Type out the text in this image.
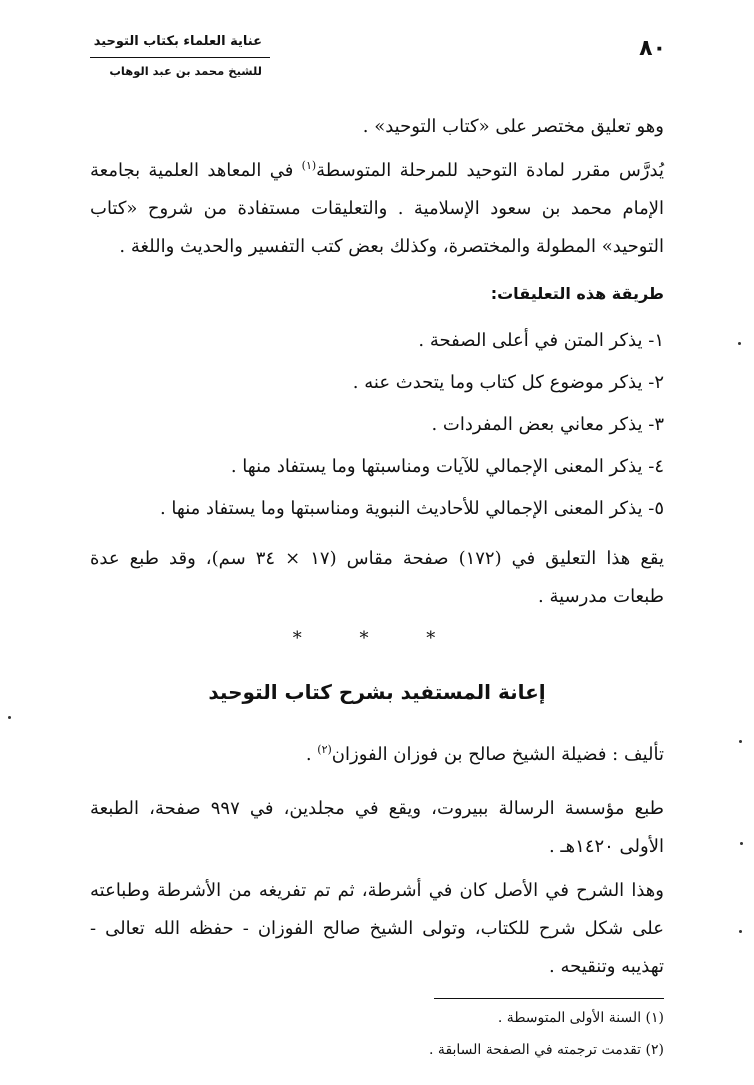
عناية العلماء بكتاب التوحيد
للشيخ محمد بن عبد الوهاب
٨٠

وهو تعليق مختصر على «كتاب التوحيد» .

يُدرَّس مقرر لمادة التوحيد للمرحلة المتوسطة$^{(١)}$ في المعاهد العلمية بجامعة الإمام محمد بن سعود الإسلامية . والتعليقات مستفادة من شروح «كتاب التوحيد» المطولة والمختصرة، وكذلك بعض كتب التفسير والحديث واللغة .

طريقة هذه التعليقات:

١- يذكر المتن في أعلى الصفحة .

٢- يذكر موضوع كل كتاب وما يتحدث عنه .

٣- يذكر معاني بعض المفردات .

٤- يذكر المعنى الإجمالي للآيات ومناسبتها وما يستفاد منها .

٥- يذكر المعنى الإجمالي للأحاديث النبوية ومناسبتها وما يستفاد منها .

يقع هذا التعليق في (١٧٢) صفحة مقاس (١٧ × ٣٤ سم)، وقد طبع عدة طبعات مدرسية .

* * *
إعانة المستفيد بشرح كتاب التوحيد

تأليف : فضيلة الشيخ صالح بن فوزان الفوزان$^{(٢)}$ .

طبع مؤسسة الرسالة ببيروت، ويقع في مجلدين، في ٩٩٧ صفحة، الطبعة الأولى ١٤٢٠هـ .

وهذا الشرح في الأصل كان في أشرطة، ثم تم تفريغه من الأشرطة وطباعته على شكل شرح للكتاب، وتولى الشيخ صالح الفوزان - حفظه الله تعالى - تهذيبه وتنقيحه .

(١) السنة الأولى المتوسطة .

(٢) تقدمت ترجمته في الصفحة السابقة .
